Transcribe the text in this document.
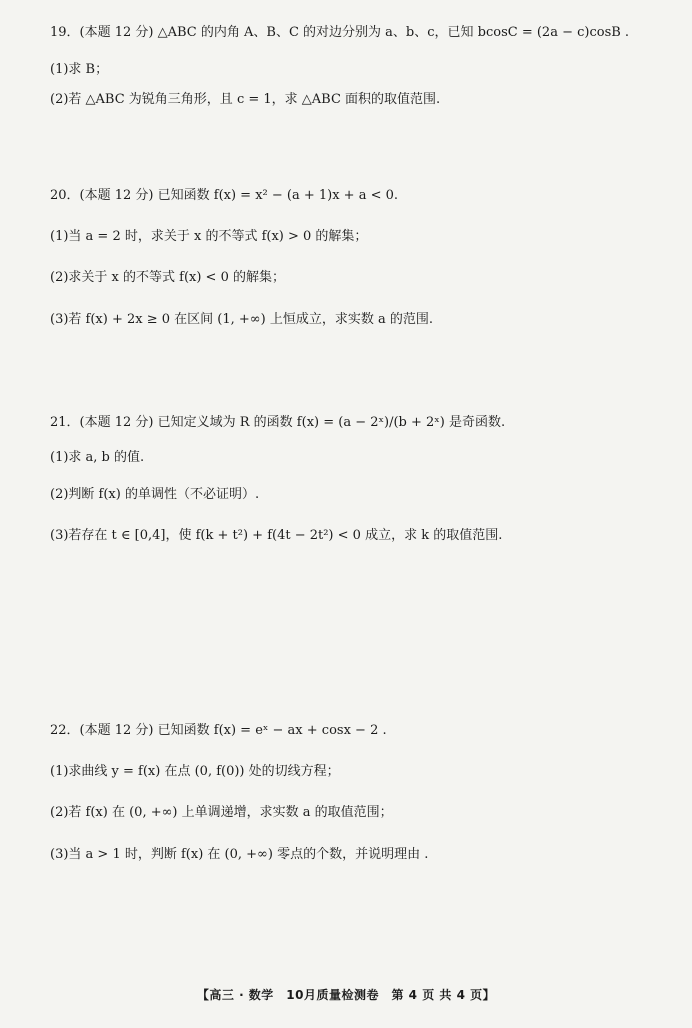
19．(本题 12 分) △ABC 的内角 A、B、C 的对边分别为 a、b、c，已知 bcosC = (2a − c)cosB .
(1)求 B；
(2)若 △ABC 为锐角三角形，且 c = 1，求 △ABC 面积的取值范围.
20．(本题 12 分) 已知函数 f(x) = x² − (a + 1)x + a < 0.
(1)当 a = 2 时，求关于 x 的不等式 f(x) > 0 的解集；
(2)求关于 x 的不等式 f(x) < 0 的解集；
(3)若 f(x) + 2x ≥ 0 在区间 (1, +∞) 上恒成立，求实数 a 的范围.
21．(本题 12 分) 已知定义域为 R 的函数 f(x) = (a − 2ˣ)/(b + 2ˣ) 是奇函数.
(1)求 a, b 的值.
(2)判断 f(x) 的单调性（不必证明）.
(3)若存在 t ∈ [0,4]，使 f(k + t²) + f(4t − 2t²) < 0 成立，求 k 的取值范围.
22．(本题 12 分) 已知函数 f(x) = eˣ − ax + cosx − 2 .
(1)求曲线 y = f(x) 在点 (0, f(0)) 处的切线方程；
(2)若 f(x) 在 (0, +∞) 上单调递增，求实数 a 的取值范围；
(3)当 a > 1 时，判断 f(x) 在 (0, +∞) 零点的个数，并说明理由 .
【高三 · 数学　10月质量检测卷　第 4 页 共 4 页】
